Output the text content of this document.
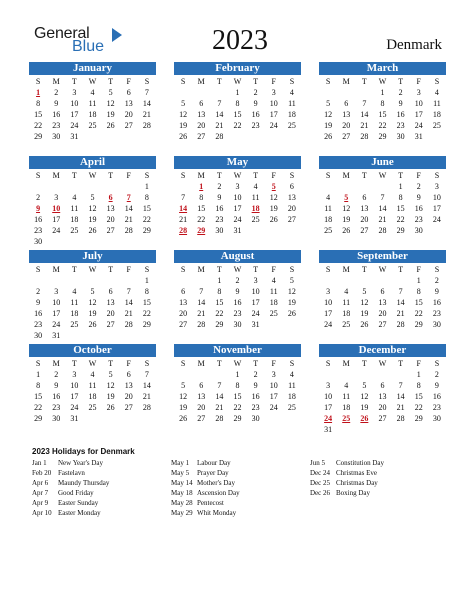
General
Blue	2023	Denmark
January
S	M	T	W	T	F	S
1	2	3	4	5	6	7
8	9	10	11	12	13	14
15	16	17	18	19	20	21
22	23	24	25	26	27	28
29	30	31				
February
S	M	T	W	T	F	S
			1	2	3	4
5	6	7	8	9	10	11
12	13	14	15	16	17	18
19	20	21	22	23	24	25
26	27	28				
March
S	M	T	W	T	F	S
			1	2	3	4
5	6	7	8	9	10	11
12	13	14	15	16	17	18
19	20	21	22	23	24	25
26	27	28	29	30	31	
April
S	M	T	W	T	F	S
						1
2	3	4	5	6	7	8
9	10	11	12	13	14	15
16	17	18	19	20	21	22
23	24	25	26	27	28	29
30						
May
S	M	T	W	T	F	S
	1	2	3	4	5	6
7	8	9	10	11	12	13
14	15	16	17	18	19	20
21	22	23	24	25	26	27
28	29	30	31			
June
S	M	T	W	T	F	S
				1	2	3
4	5	6	7	8	9	10
11	12	13	14	15	16	17
18	19	20	21	22	23	24
25	26	27	28	29	30	
July
S	M	T	W	T	F	S
						1
2	3	4	5	6	7	8
9	10	11	12	13	14	15
16	17	18	19	20	21	22
23	24	25	26	27	28	29
30	31					
August
S	M	T	W	T	F	S
		1	2	3	4	5
6	7	8	9	10	11	12
13	14	15	16	17	18	19
20	21	22	23	24	25	26
27	28	29	30	31		
September
S	M	T	W	T	F	S
					1	2
3	4	5	6	7	8	9
10	11	12	13	14	15	16
17	18	19	20	21	22	23
24	25	26	27	28	29	30
October
S	M	T	W	T	F	S
1	2	3	4	5	6	7
8	9	10	11	12	13	14
15	16	17	18	19	20	21
22	23	24	25	26	27	28
29	30	31				
November
S	M	T	W	T	F	S
			1	2	3	4
5	6	7	8	9	10	11
12	13	14	15	16	17	18
19	20	21	22	23	24	25
26	27	28	29	30		
December
S	M	T	W	T	F	S
					1	2
3	4	5	6	7	8	9
10	11	12	13	14	15	16
17	18	19	20	21	22	23
24	25	26	27	28	29	30
31						
2023 Holidays for Denmark
Jan 1 New Year's Day
Feb 20 Fastelavn
Apr 6 Maundy Thursday
Apr 7 Good Friday
Apr 9 Easter Sunday
Apr 10 Easter Monday
May 1 Labour Day
May 5 Prayer Day
May 14 Mother's Day
May 18 Ascension Day
May 28 Pentecost
May 29 Whit Monday
Jun 5 Constitution Day
Dec 24 Christmas Eve
Dec 25 Christmas Day
Dec 26 Boxing Day
